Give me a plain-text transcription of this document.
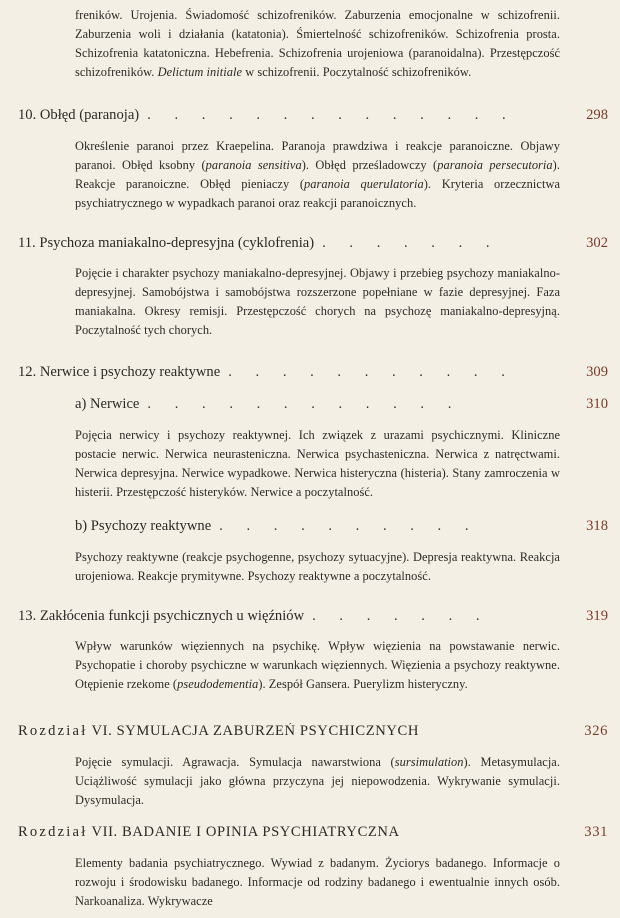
freników. Urojenia. Świadomość schizofreników. Zaburzenia emocjonalne w schizofrenii. Zaburzenia woli i działania (katatonia). Śmiertelność schizofreników. Schizofrenia prosta. Schizofrenia katatoniczna. Hebefrenia. Schizofrenia urojeniowa (paranoidalna). Przestępczość schizofreników. Delictum initiale w schizofrenii. Poczytalność schizofreników.
10. Obłęd (paranoja) . . . . . . . . . . . . . .	298
Określenie paranoi przez Kraepelina. Paranoja prawdziwa i reakcje paranoiczne. Objawy paranoi. Obłęd ksobny (paranoia sensitiva). Obłęd prześladowczy (paranoia persecutoria). Reakcje paranoiczne. Obłęd pieniaczy (paranoia querulatoria). Kryteria orzecznictwa psychiatrycznego w wypadkach paranoi oraz reakcji paranoicznych.
11. Psychoza maniakalno-depresyjna (cyklofrenia) . . . . . . .	302
Pojęcie i charakter psychozy maniakalno-depresyjnej. Objawy i przebieg psychozy maniakalno-depresyjnej. Samobójstwa i samobójstwa rozszerzone popełniane w fazie depresyjnej. Faza maniakalna. Okresy remisji. Przestępczość chorych na psychozę maniakalno-depresyjną. Poczytalność tych chorych.
12. Nerwice i psychozy reaktywne . . . . . . . . . . .	309
a) Nerwice . . . . . . . . . . . .	310
Pojęcia nerwicy i psychozy reaktywnej. Ich związek z urazami psychicznymi. Kliniczne postacie nerwic. Nerwica neurasteniczna. Nerwica psychasteniczna. Nerwica z natręctwami. Nerwica depresyjna. Nerwice wypadkowe. Nerwica histeryczna (histeria). Stany zamroczenia w histerii. Przestępczość histeryków. Nerwice a poczytalność.
b) Psychozy reaktywne . . . . . . . . . .	318
Psychozy reaktywne (reakcje psychogenne, psychozy sytuacyjne). Depresja reaktywna. Reakcja urojeniowa. Reakcje prymitywne. Psychozy reaktywne a poczytalność.
13. Zakłócenia funkcji psychicznych u więźniów . . . . . . .	319
Wpływ warunków więziennych na psychikę. Wpływ więzienia na powstawanie nerwic. Psychopatie i choroby psychiczne w warunkach więziennych. Więzienia a psychozy reaktywne. Otępienie rzekome (pseudodementia). Zespół Gansera. Puerylizm histeryczny.
Rozdział VI. SYMULACJA ZABURZEŃ PSYCHICZNYCH	326
Pojęcie symulacji. Agrawacja. Symulacja nawarstwiona (sursimulation). Metasymulacja. Uciążliwość symulacji jako główna przyczyna jej niepowodzenia. Wykrywanie symulacji. Dysymulacja.
Rozdział VII. BADANIE I OPINIA PSYCHIATRYCZNA	331
Elementy badania psychiatrycznego. Wywiad z badanym. Życiorys badanego. Informacje o rozwoju i środowisku badanego. Informacje od rodziny badanego i ewentualnie innych osób. Narkoanaliza. Wykrywacze
